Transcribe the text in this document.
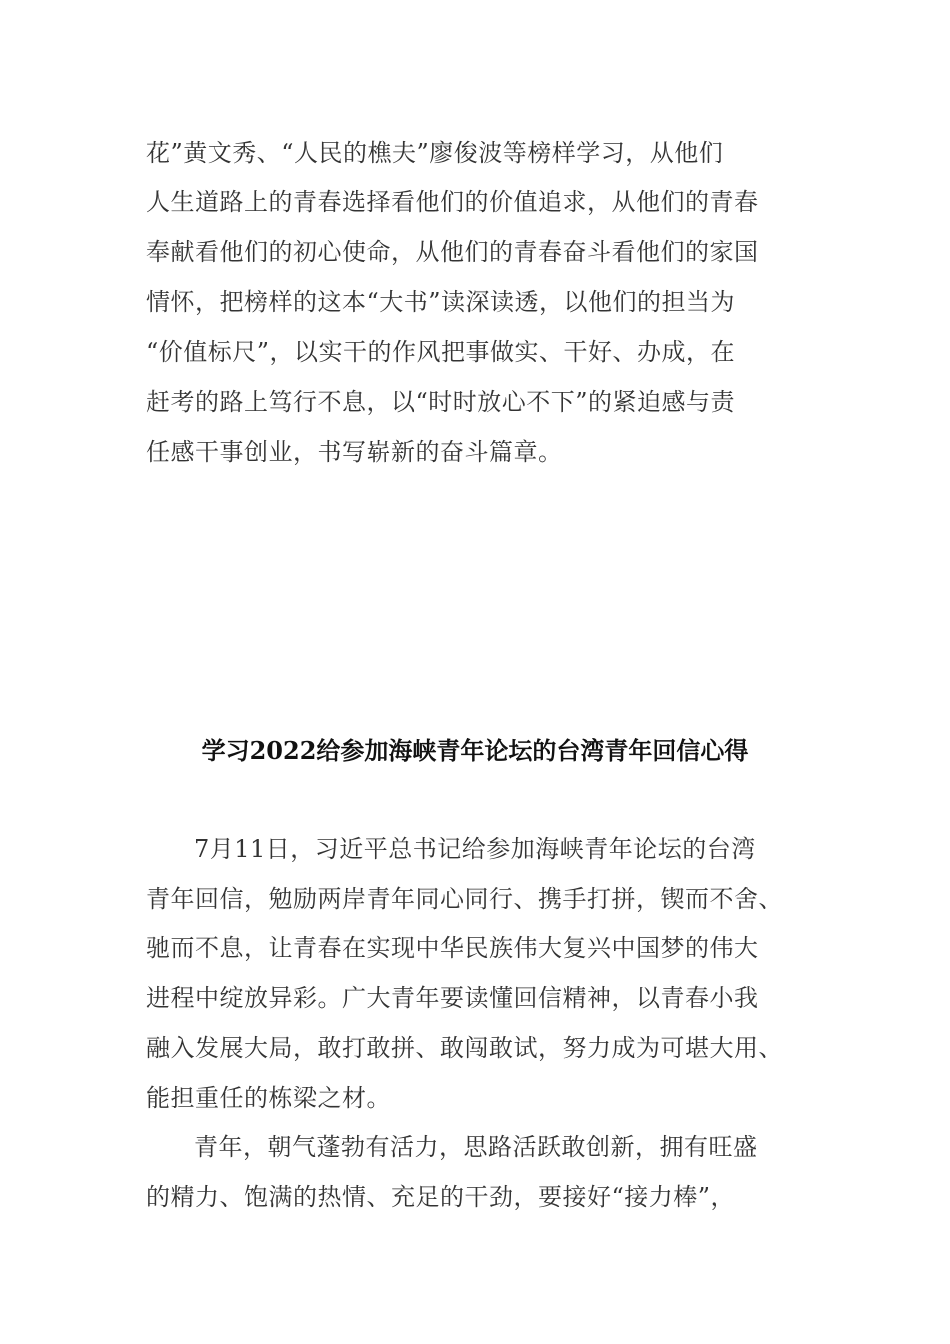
花”黄文秀、“人民的樵夫”廖俊波等榜样学习，从他们
人生道路上的青春选择看他们的价值追求，从他们的青春
奉献看他们的初心使命，从他们的青春奋斗看他们的家国
情怀，把榜样的这本“大书”读深读透，以他们的担当为
“价值标尺”，以实干的作风把事做实、干好、办成，在
赶考的路上笃行不息，以“时时放心不下”的紧迫感与责
任感干事创业，书写崭新的奋斗篇章。
学习2022给参加海峡青年论坛的台湾青年回信心得
7月11日，习近平总书记给参加海峡青年论坛的台湾
青年回信，勉励两岸青年同心同行、携手打拼，锲而不舍、
驰而不息，让青春在实现中华民族伟大复兴中国梦的伟大
进程中绽放异彩。广大青年要读懂回信精神，以青春小我
融入发展大局，敢打敢拼、敢闯敢试，努力成为可堪大用、
能担重任的栋梁之材。
青年，朝气蓬勃有活力，思路活跃敢创新，拥有旺盛
的精力、饱满的热情、充足的干劲，要接好“接力棒”，
